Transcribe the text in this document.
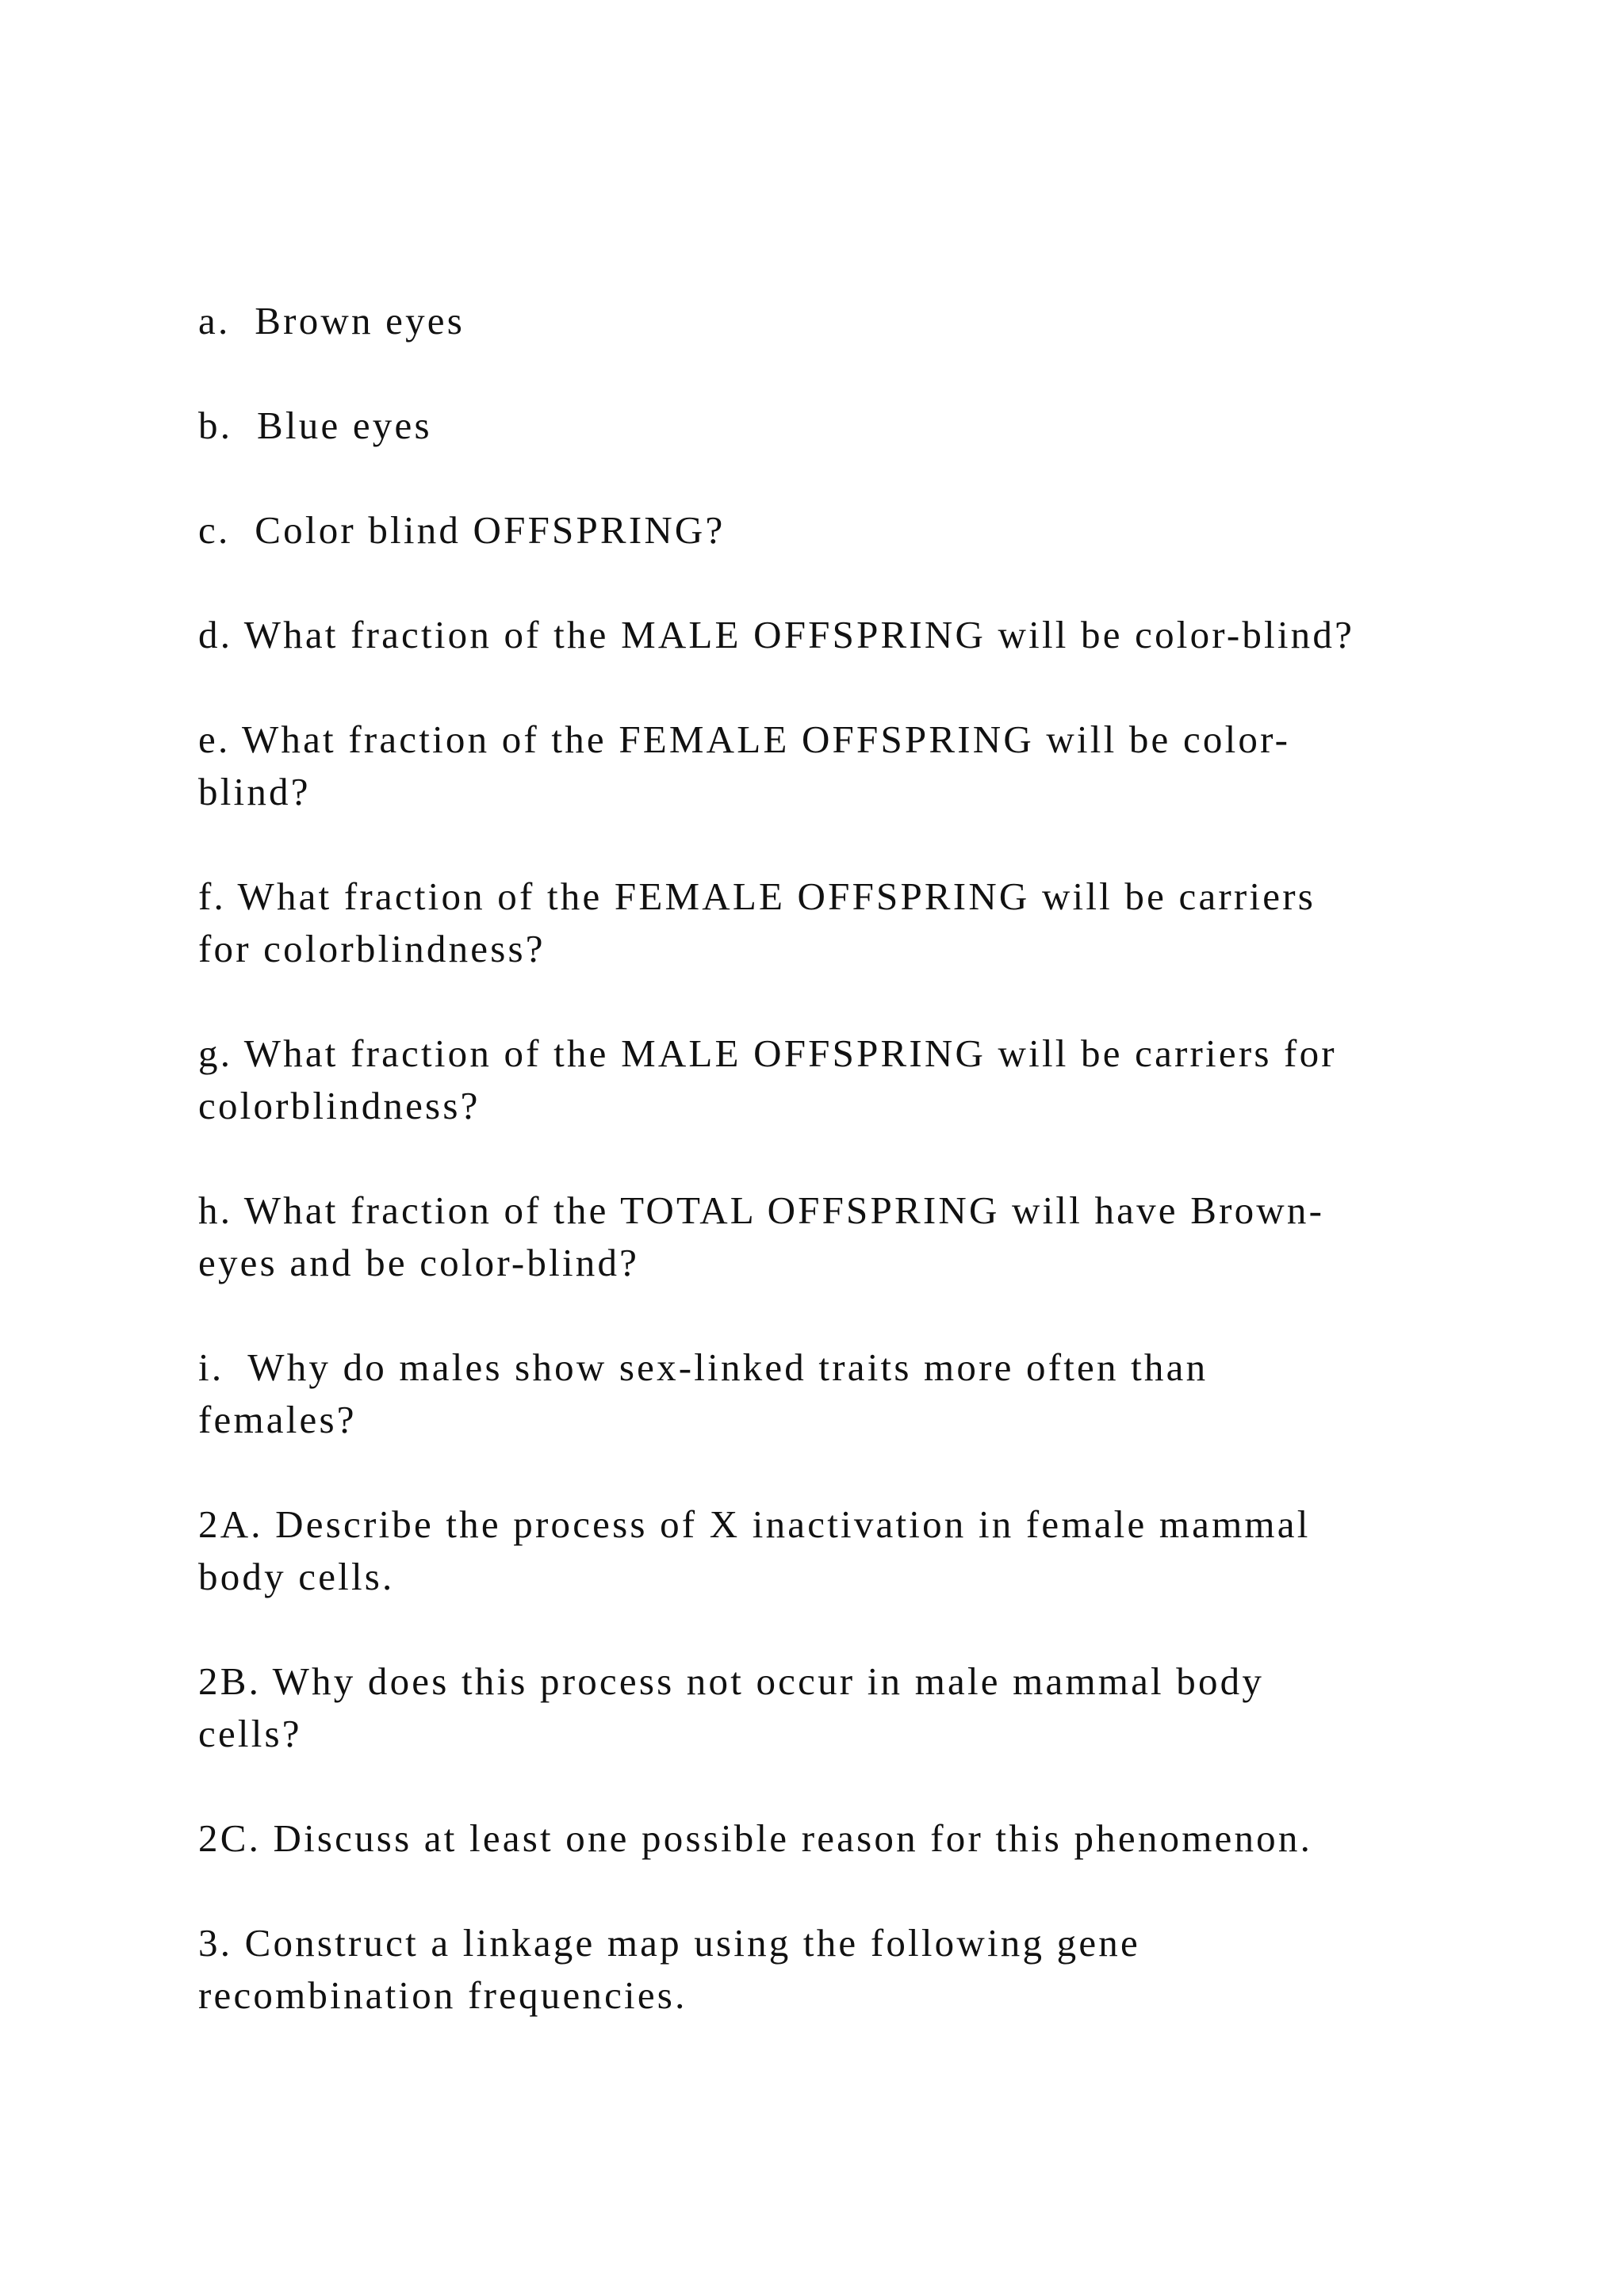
a.  Brown eyes

b.  Blue eyes

c.  Color blind OFFSPRING?

d. What fraction of the MALE OFFSPRING will be color-blind?

e. What fraction of the FEMALE OFFSPRING will be color-
blind?

f. What fraction of the FEMALE OFFSPRING will be carriers
for colorblindness?

g. What fraction of the MALE OFFSPRING will be carriers for
colorblindness?

h. What fraction of the TOTAL OFFSPRING will have Brown-
eyes and be color-blind?

i.  Why do males show sex-linked traits more often than
females?

2A. Describe the process of X inactivation in female mammal
body cells.

2B. Why does this process not occur in male mammal body
cells?

2C. Discuss at least one possible reason for this phenomenon.

3. Construct a linkage map using the following gene
recombination frequencies.
